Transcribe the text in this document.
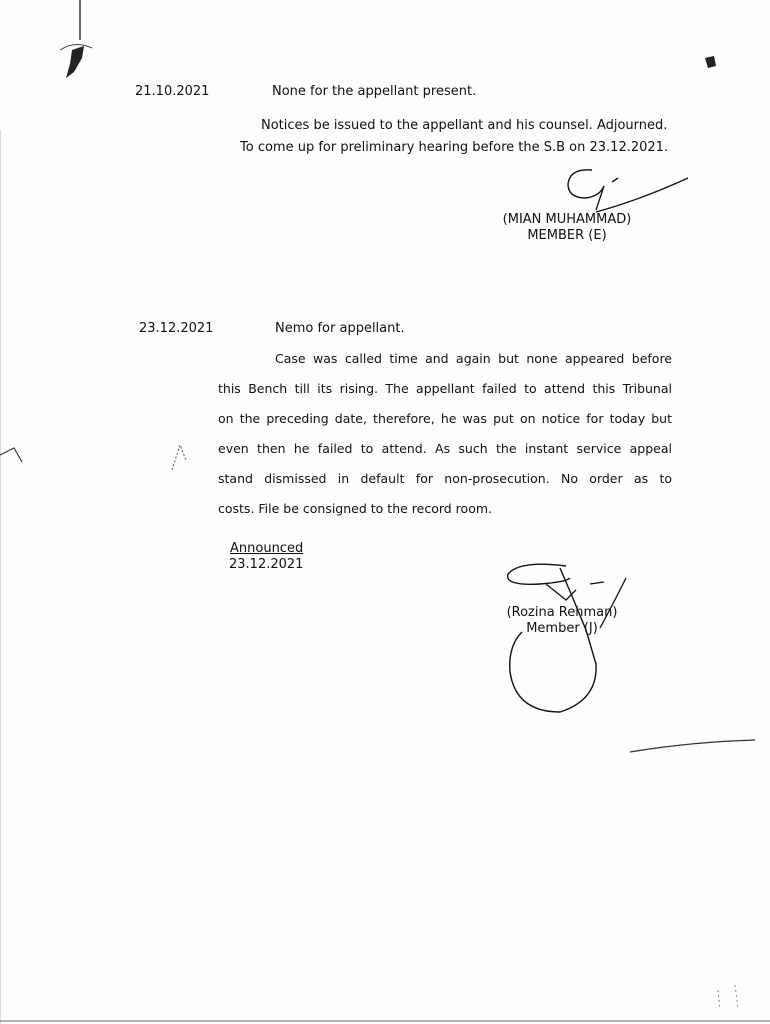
21.10.2021	None for the appellant present.
Notices be issued to the appellant and his counsel. Adjourned.
To come up for preliminary hearing before the S.B on 23.12.2021.
(MIAN MUHAMMAD)
MEMBER (E)
23.12.2021	Nemo for appellant.
Case was called time and again but none appeared before
this Bench till its rising. The appellant failed to attend this Tribunal
on the preceding date, therefore, he was put on notice for today but
even then he failed to attend. As such the instant service appeal
stand dismissed in default for non-prosecution. No order as to
costs. File be consigned to the record room.
Announced
23.12.2021
(Rozina Rehman)
Member (J)
